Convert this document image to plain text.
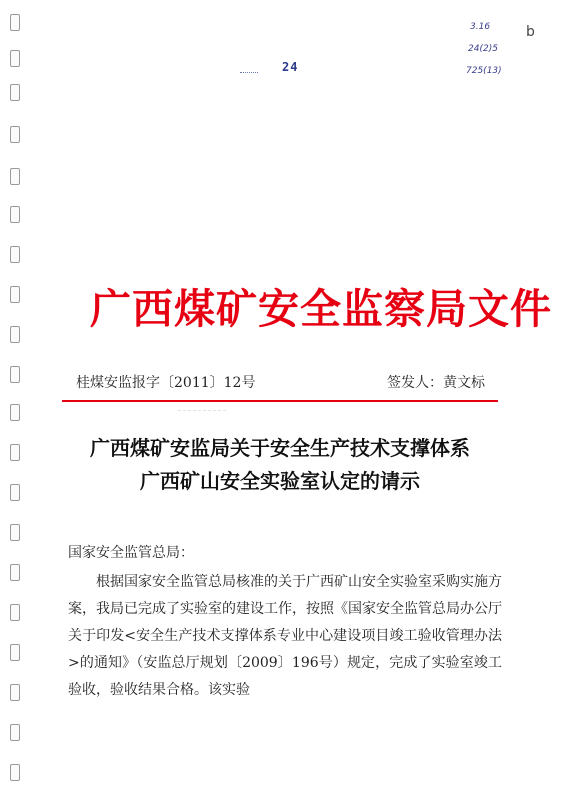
24
3.16
24(2)5
725(13)
b
广西煤矿安全监察局文件
桂煤安监报字〔2011〕12号	签发人：黄文标
广西煤矿安监局关于安全生产技术支撑体系
广西矿山安全实验室认定的请示
国家安全监管总局：

根据国家安全监管总局核准的关于广西矿山安全实验室采购实施方案，我局已完成了实验室的建设工作，按照《国家安全监管总局办公厅关于印发<安全生产技术支撑体系专业中心建设项目竣工验收管理办法>的通知》（安监总厅规划〔2009〕196号）规定，完成了实验室竣工验收，验收结果合格。该实验
